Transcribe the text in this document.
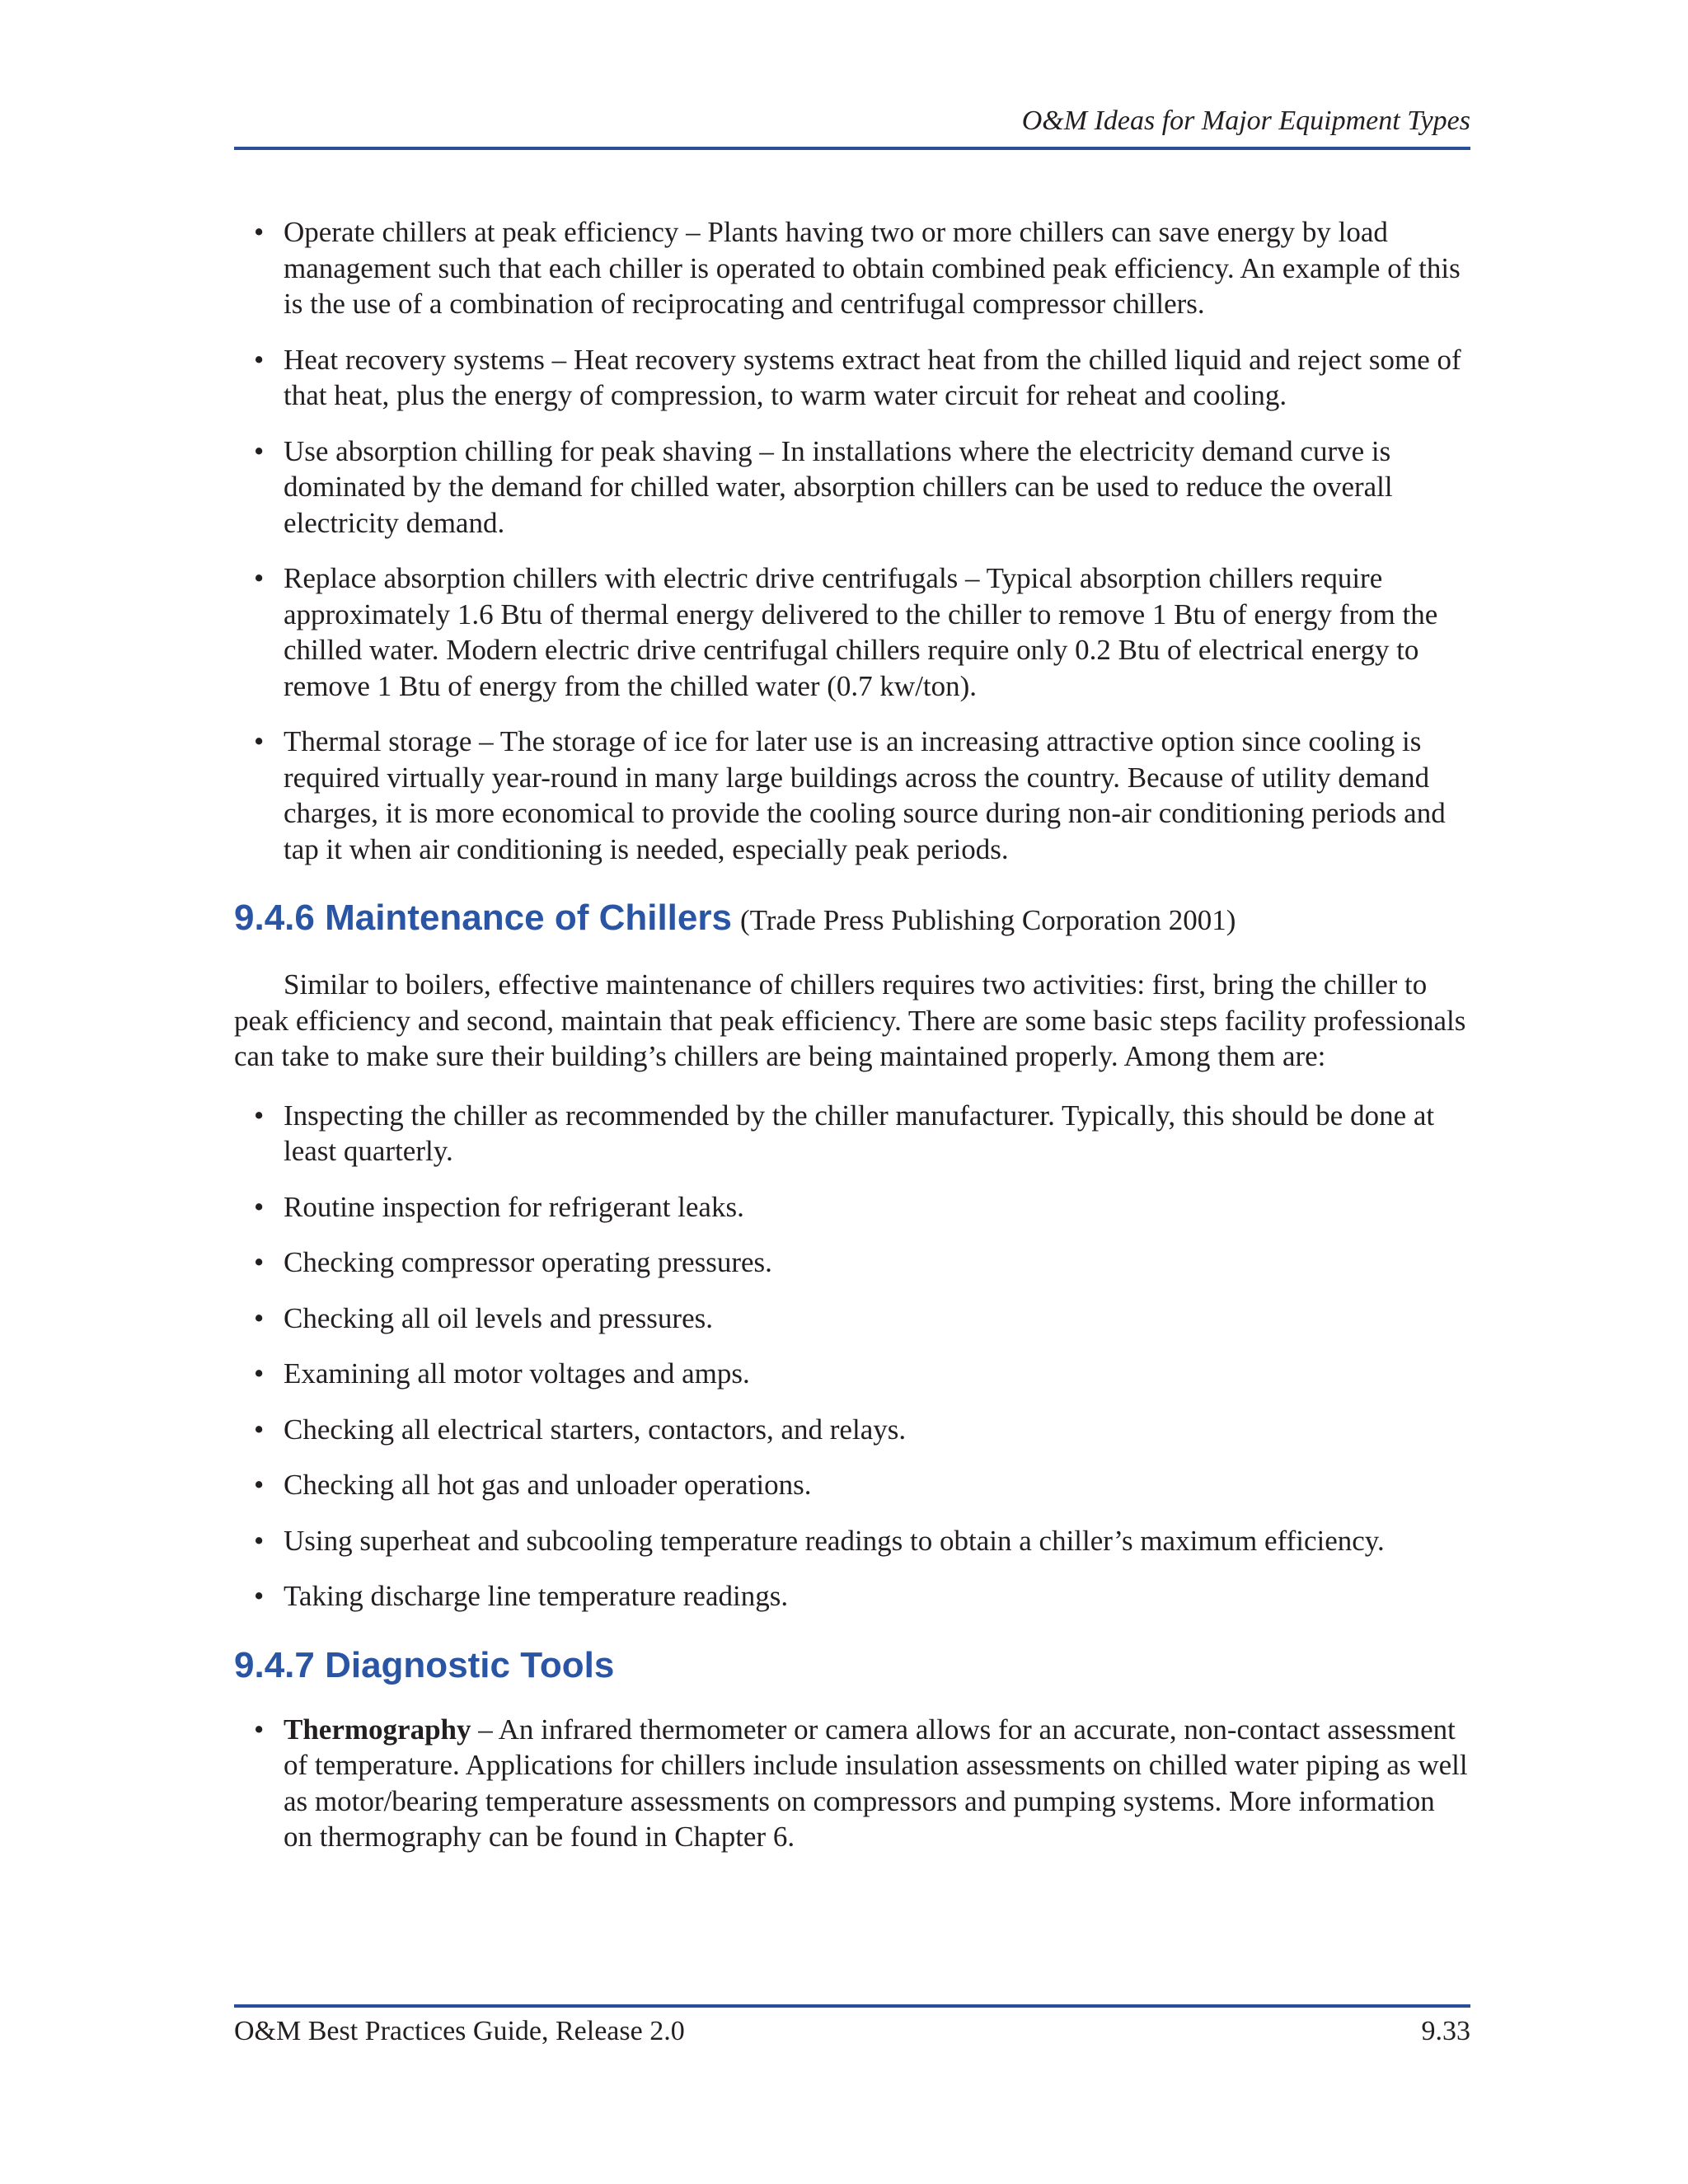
O&M Ideas for Major Equipment Types
• Operate chillers at peak efficiency – Plants having two or more chillers can save energy by load management such that each chiller is operated to obtain combined peak efficiency. An example of this is the use of a combination of reciprocating and centrifugal compressor chillers.
• Heat recovery systems – Heat recovery systems extract heat from the chilled liquid and reject some of that heat, plus the energy of compression, to warm water circuit for reheat and cooling.
• Use absorption chilling for peak shaving – In installations where the electricity demand curve is dominated by the demand for chilled water, absorption chillers can be used to reduce the overall electricity demand.
• Replace absorption chillers with electric drive centrifugals – Typical absorption chillers require approximately 1.6 Btu of thermal energy delivered to the chiller to remove 1 Btu of energy from the chilled water. Modern electric drive centrifugal chillers require only 0.2 Btu of electrical energy to remove 1 Btu of energy from the chilled water (0.7 kw/ton).
• Thermal storage – The storage of ice for later use is an increasing attractive option since cooling is required virtually year-round in many large buildings across the country. Because of utility demand charges, it is more economical to provide the cooling source during non-air conditioning periods and tap it when air conditioning is needed, especially peak periods.
9.4.6 Maintenance of Chillers (Trade Press Publishing Corporation 2001)

Similar to boilers, effective maintenance of chillers requires two activities: first, bring the chiller to peak efficiency and second, maintain that peak efficiency. There are some basic steps facility professionals can take to make sure their building’s chillers are being maintained properly. Among them are:

• Inspecting the chiller as recommended by the chiller manufacturer. Typically, this should be done at least quarterly.
• Routine inspection for refrigerant leaks.
• Checking compressor operating pressures.
• Checking all oil levels and pressures.
• Examining all motor voltages and amps.
• Checking all electrical starters, contactors, and relays.
• Checking all hot gas and unloader operations.
• Using superheat and subcooling temperature readings to obtain a chiller’s maximum efficiency.
• Taking discharge line temperature readings.
9.4.7 Diagnostic Tools
• Thermography – An infrared thermometer or camera allows for an accurate, non-contact assessment of temperature. Applications for chillers include insulation assessments on chilled water piping as well as motor/bearing temperature assessments on compressors and pumping systems. More information on thermography can be found in Chapter 6.
O&M Best Practices Guide, Release 2.0	9.33
